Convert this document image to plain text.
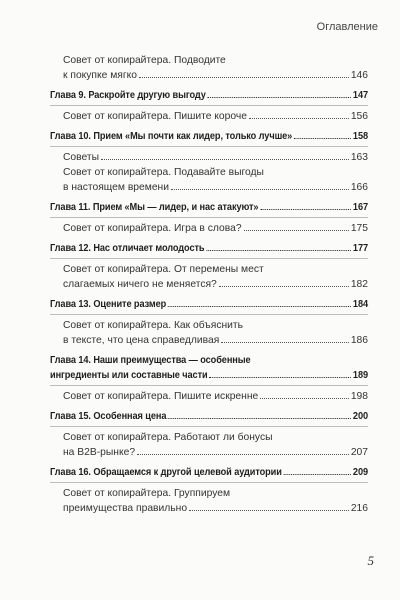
Оглавление
Совет от копирайтера. Подводите
к покупке мягко	146
Глава 9. Раскройте другую выгоду	147
Совет от копирайтера. Пишите короче	156
Глава 10. Прием «Мы почти как лидер, только лучше»	158
Советы	163
Совет от копирайтера. Подавайте выгоды
в настоящем времени	166
Глава 11. Прием «Мы — лидер, и нас атакуют»	167
Совет от копирайтера. Игра в слова?	175
Глава 12. Нас отличает молодость	177
Совет от копирайтера. От перемены мест
слагаемых ничего не меняется?	182
Глава 13. Оцените размер	184
Совет от копирайтера. Как объяснить
в тексте, что цена справедливая	186
Глава 14. Наши преимущества — особенные
ингредиенты или составные части	189
Совет от копирайтера. Пишите искренне	198
Глава 15. Особенная цена	200
Совет от копирайтера. Работают ли бонусы
на B2B-рынке?	207
Глава 16. Обращаемся к другой целевой аудитории	209
Совет от копирайтера. Группируем
преимущества правильно	216
5
